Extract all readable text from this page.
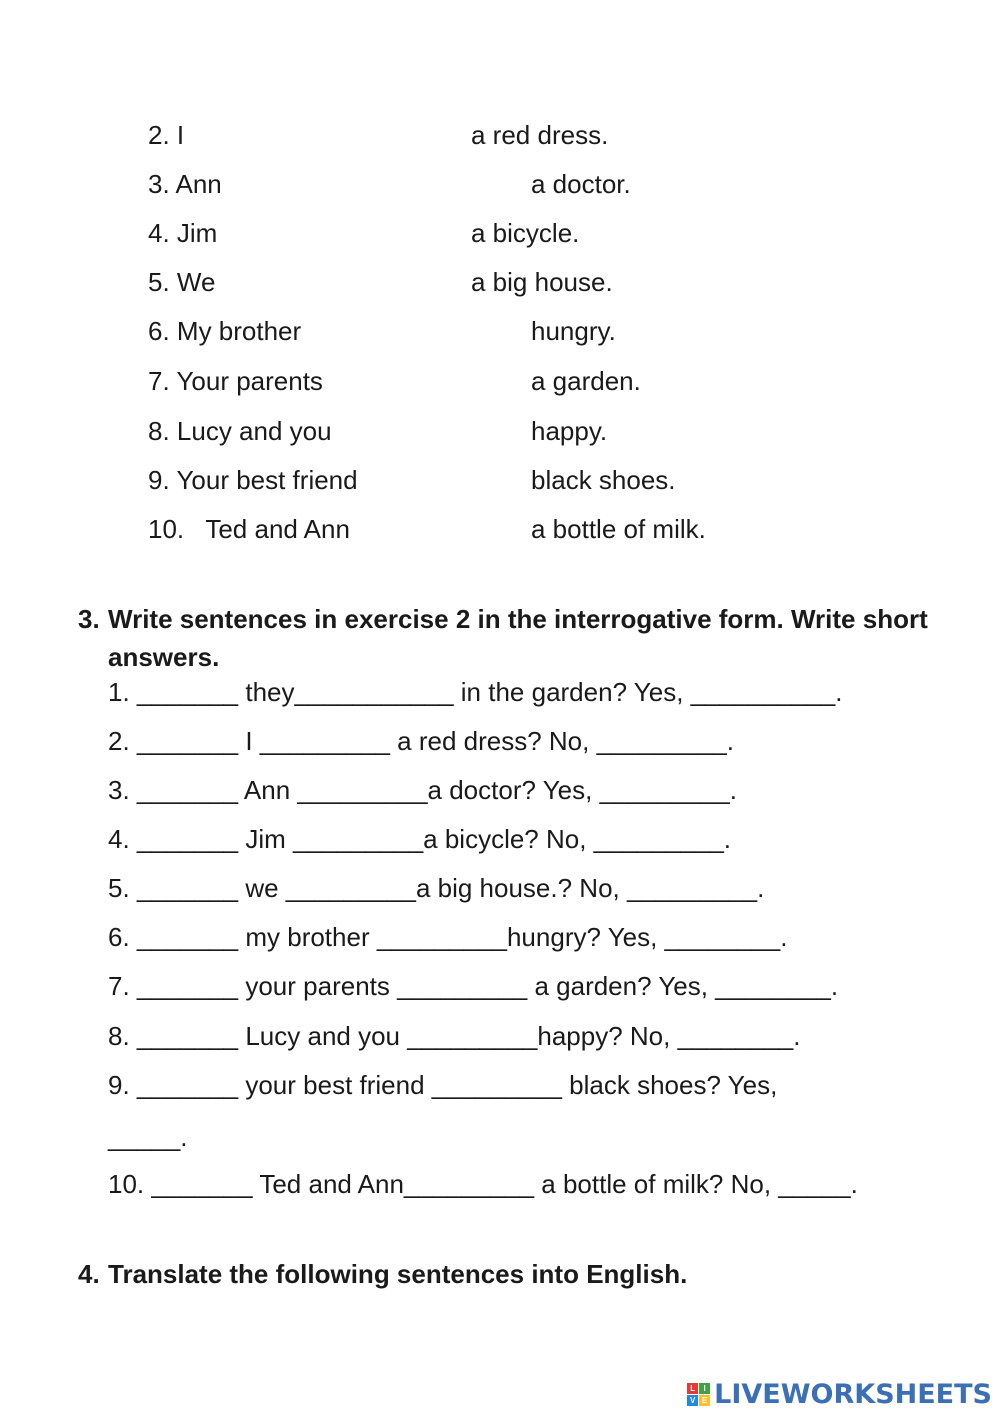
2. I	a red dress.
3. Ann	a doctor.
4. Jim	a bicycle.
5. We	a big house.
6. My brother	hungry.
7. Your parents	a garden.
8. Lucy and you	happy.
9. Your best friend	black shoes.
10.   Ted and Ann	a bottle of milk.
3. Write sentences in exercise 2 in the interrogative form. Write short answers.
1. _______ they___________ in the garden? Yes, __________.
2. _______ I _________ a red dress? No, _________.
3. _______ Ann _________a doctor? Yes, _________.
4. _______ Jim _________a bicycle? No, _________.
5. _______ we _________a big house.? No, _________.
6. _______ my brother _________hungry? Yes, ________.
7. _______ your parents _________ a garden? Yes, ________.
8. _______ Lucy and you _________happy? No, ________.
9. _______ your best friend _________ black shoes? Yes,
_____.
10. _______ Ted and Ann_________ a bottle of milk? No, _____.
4. Translate the following sentences into English.
L	I
V E LIVEWORKSHEETS
